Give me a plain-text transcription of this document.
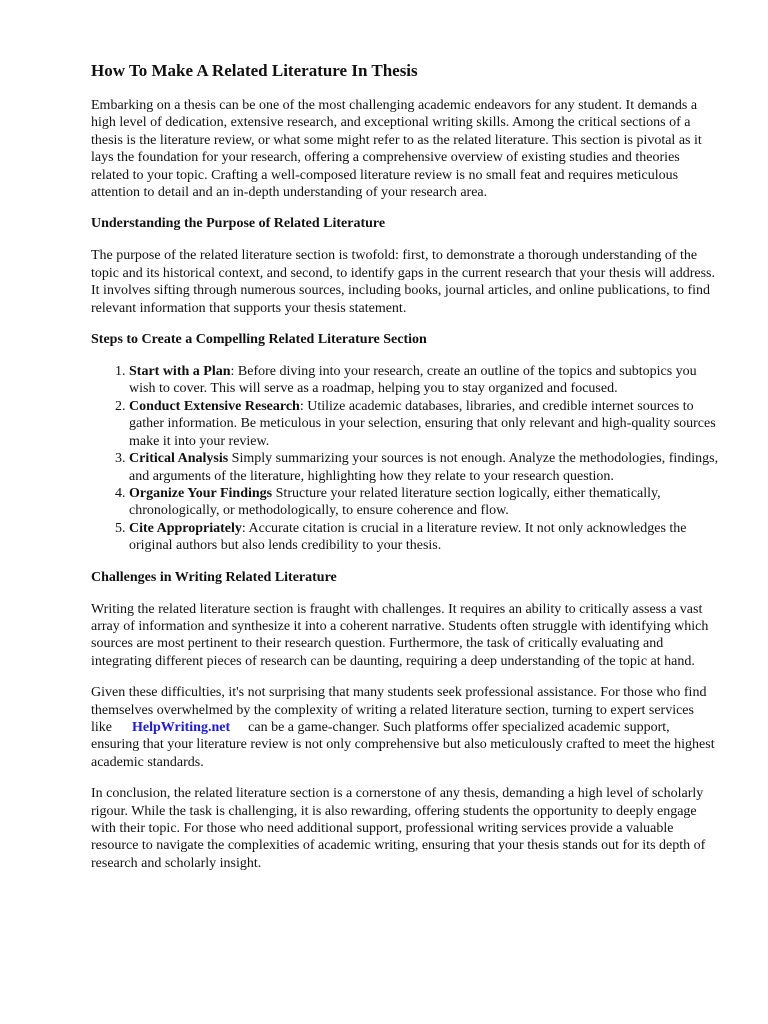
How To Make A Related Literature In Thesis

Embarking on a thesis can be one of the most challenging academic endeavors for any student. It demands a high level of dedication, extensive research, and exceptional writing skills. Among the critical sections of a thesis is the literature review, or what some might refer to as the related literature. This section is pivotal as it lays the foundation for your research, offering a comprehensive overview of existing studies and theories related to your topic. Crafting a well-composed literature review is no small feat and requires meticulous attention to detail and an in-depth understanding of your research area.

Understanding the Purpose of Related Literature

The purpose of the related literature section is twofold: first, to demonstrate a thorough understanding of the topic and its historical context, and second, to identify gaps in the current research that your thesis will address. It involves sifting through numerous sources, including books, journal articles, and online publications, to find relevant information that supports your thesis statement.

Steps to Create a Compelling Related Literature Section
1. Start with a Plan: Before diving into your research, create an outline of the topics and subtopics you wish to cover. This will serve as a roadmap, helping you to stay organized and focused.
2. Conduct Extensive Research: Utilize academic databases, libraries, and credible internet sources to gather information. Be meticulous in your selection, ensuring that only relevant and high-quality sources make it into your review.
3. Critical Analysis Simply summarizing your sources is not enough. Analyze the methodologies, findings, and arguments of the literature, highlighting how they relate to your research question.
4. Organize Your Findings Structure your related literature section logically, either thematically, chronologically, or methodologically, to ensure coherence and flow.
5. Cite Appropriately: Accurate citation is crucial in a literature review. It not only acknowledges the original authors but also lends credibility to your thesis.
Challenges in Writing Related Literature

Writing the related literature section is fraught with challenges. It requires an ability to critically assess a vast array of information and synthesize it into a coherent narrative. Students often struggle with identifying which sources are most pertinent to their research question. Furthermore, the task of critically evaluating and integrating different pieces of research can be daunting, requiring a deep understanding of the topic at hand.

Given these difficulties, it's not surprising that many students seek professional assistance. For those who find themselves overwhelmed by the complexity of writing a related literature section, turning to expert services like HelpWriting.net can be a game-changer. Such platforms offer specialized academic support, ensuring that your literature review is not only comprehensive but also meticulously crafted to meet the highest academic standards.

In conclusion, the related literature section is a cornerstone of any thesis, demanding a high level of scholarly rigour. While the task is challenging, it is also rewarding, offering students the opportunity to deeply engage with their topic. For those who need additional support, professional writing services provide a valuable resource to navigate the complexities of academic writing, ensuring that your thesis stands out for its depth of research and scholarly insight.
